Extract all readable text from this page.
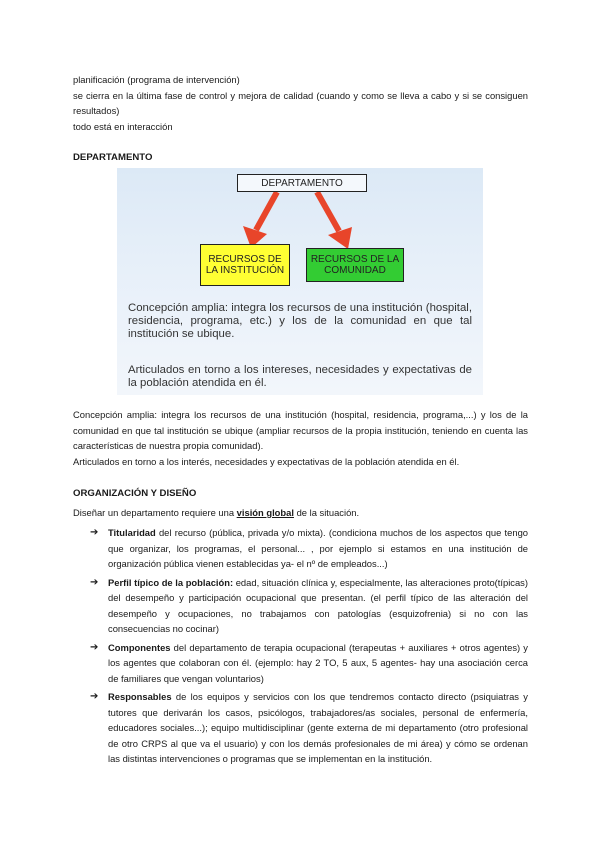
planificación (programa de intervención)
se cierra en la última fase de control y mejora de calidad (cuando y como se lleva a cabo y si se consiguen resultados)
todo está en interacción
DEPARTAMENTO
DEPARTAMENTO
RECURSOS DE LA INSTITUCIÓN
RECURSOS DE LA COMUNIDAD
Concepción amplia: integra los recursos de una institución (hospital, residencia, programa, etc.) y los de la comunidad en que tal institución se ubique.
Articulados en torno a los intereses, necesidades y expectativas de la población atendida en él.
Concepción amplia: integra los recursos de una institución (hospital, residencia, programa,...) y los de la comunidad en que tal institución se ubique (ampliar recursos de la propia institución, teniendo en cuenta las características de nuestra propia comunidad).
Articulados en torno a los interés, necesidades y expectativas de la población atendida en él.
ORGANIZACIÓN Y DISEÑO
Diseñar un departamento requiere una visión global de la situación.
➔ Titularidad del recurso (pública, privada y/o mixta). (condiciona muchos de los aspectos que tengo que organizar, los programas, el personal... , por ejemplo si estamos en una institución de organización pública vienen establecidas ya- el nº de empleados...)
➔ Perfil típico de la población: edad, situación clínica y, especialmente, las alteraciones proto(típicas) del desempeño y participación ocupacional que presentan. (el perfil típico de las alteración del desempeño y ocupaciones, no trabajamos con patologías (esquizofrenia) si no con las consecuencias no cocinar)
➔ Componentes del departamento de terapia ocupacional (terapeutas + auxiliares + otros agentes) y los agentes que colaboran con él. (ejemplo: hay 2 TO, 5 aux, 5 agentes- hay una asociación cerca de familiares que vengan voluntarios)
➔ Responsables de los equipos y servicios con los que tendremos contacto directo (psiquiatras y tutores que derivarán los casos, psicólogos, trabajadores/as sociales, personal de enfermería, educadores sociales...); equipo multidisciplinar (gente externa de mi departamento (otro profesional de otro CRPS al que va el usuario) y con los demás profesionales de mi área) y cómo se ordenan las distintas intervenciones o programas que se implementan en la institución.
